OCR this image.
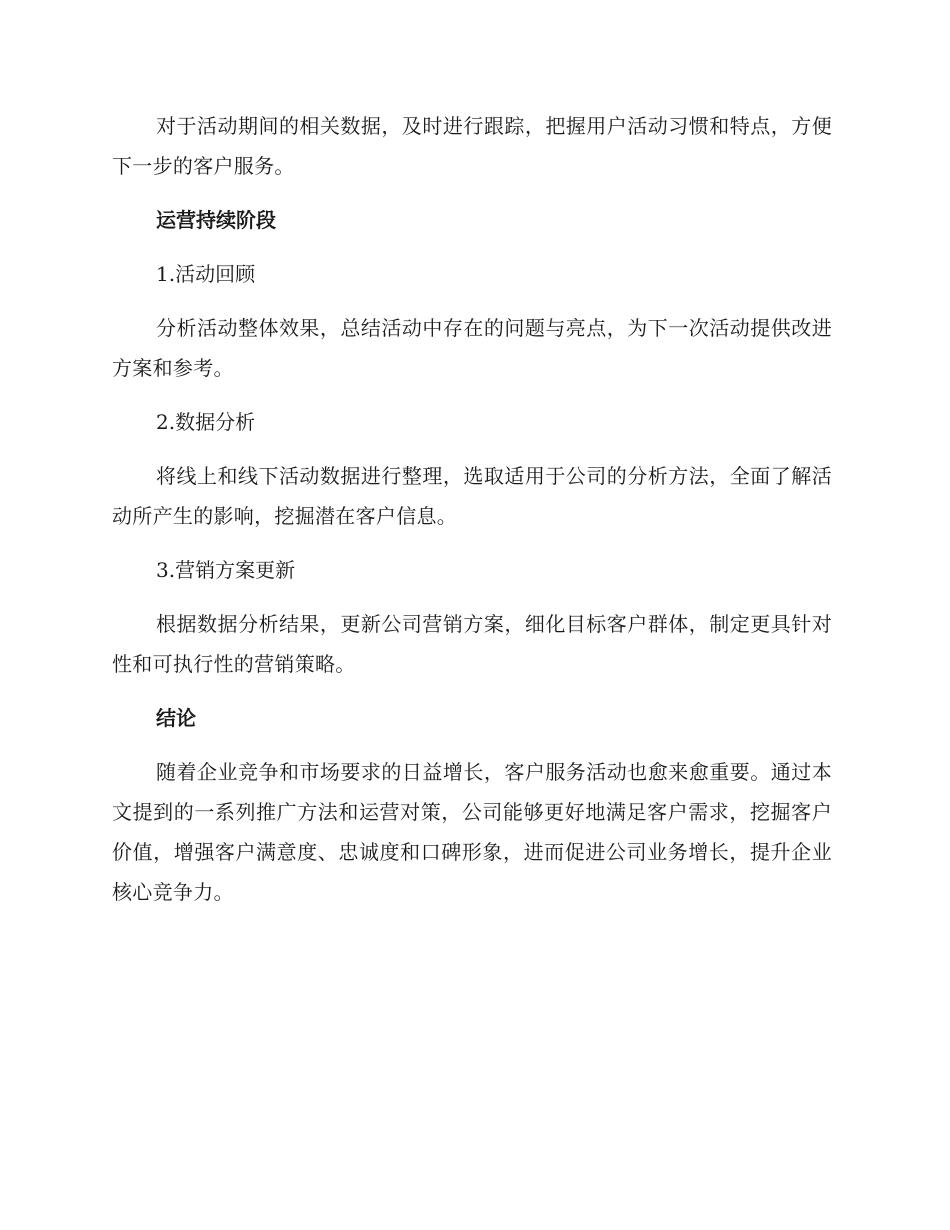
对于活动期间的相关数据，及时进行跟踪，把握用户活动习惯和特点，方便下一步的客户服务。

运营持续阶段

1.活动回顾

分析活动整体效果，总结活动中存在的问题与亮点，为下一次活动提供改进方案和参考。

2.数据分析

将线上和线下活动数据进行整理，选取适用于公司的分析方法，全面了解活动所产生的影响，挖掘潜在客户信息。

3.营销方案更新

根据数据分析结果，更新公司营销方案，细化目标客户群体，制定更具针对性和可执行性的营销策略。

结论

随着企业竞争和市场要求的日益增长，客户服务活动也愈来愈重要。通过本文提到的一系列推广方法和运营对策，公司能够更好地满足客户需求，挖掘客户价值，增强客户满意度、忠诚度和口碑形象，进而促进公司业务增长，提升企业核心竞争力。
